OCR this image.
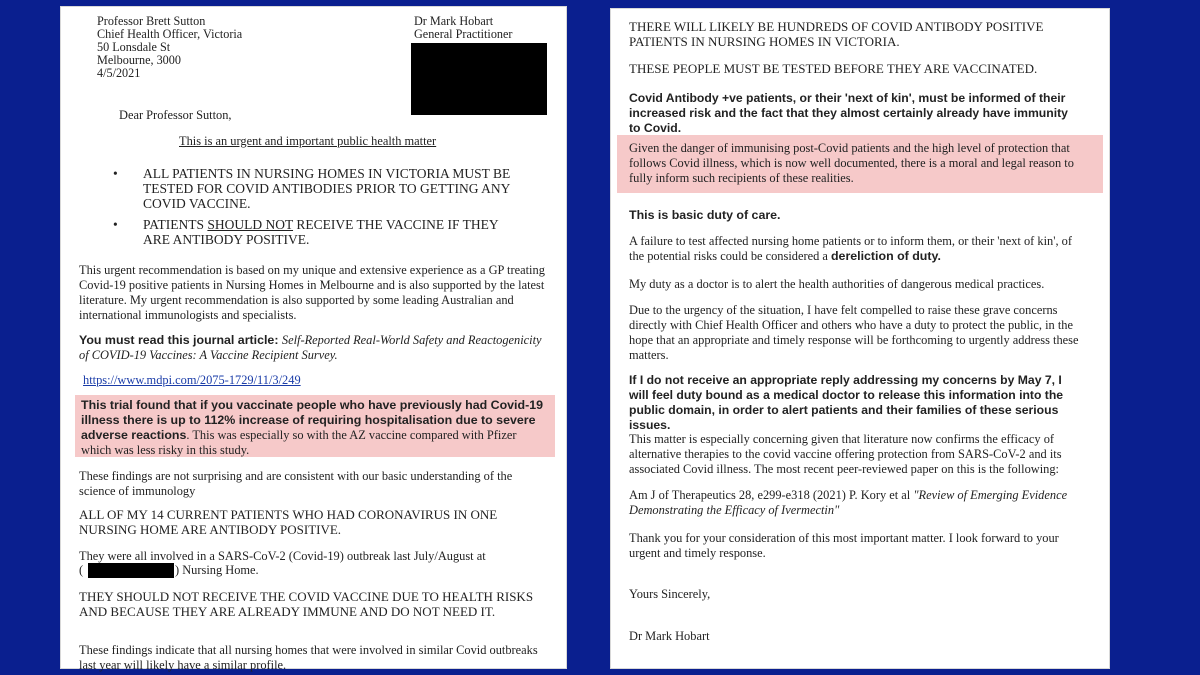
Professor Brett Sutton
Chief Health Officer, Victoria
50 Lonsdale St
Melbourne, 3000
4/5/2021
Dr Mark Hobart
General Practitioner

Dear Professor Sutton,

This is an urgent and important public health matter

•	ALL PATIENTS IN NURSING HOMES IN VICTORIA MUST BE TESTED FOR COVID ANTIBODIES PRIOR TO GETTING ANY COVID VACCINE.
•	PATIENTS SHOULD NOT RECEIVE THE VACCINE IF THEY ARE ANTIBODY POSITIVE.

This urgent recommendation is based on my unique and extensive experience as a GP treating Covid-19 positive patients in Nursing Homes in Melbourne and is also supported by the latest literature. My urgent recommendation is also supported by some leading Australian and international immunologists and specialists.

You must read this journal article: Self-Reported Real-World Safety and Reactogenicity of COVID-19 Vaccines: A Vaccine Recipient Survey.

https://www.mdpi.com/2075-1729/11/3/249

This trial found that if you vaccinate people who have previously had Covid-19 illness there is up to 112% increase of requiring hospitalisation due to severe adverse reactions. This was especially so with the AZ vaccine compared with Pfizer which was less risky in this study.

These findings are not surprising and are consistent with our basic understanding of the science of immunology

ALL OF MY 14 CURRENT PATIENTS WHO HAD CORONAVIRUS IN ONE NURSING HOME ARE ANTIBODY POSITIVE.

They were all involved in a SARS-CoV-2 (Covid-19) outbreak last July/August at

(	) Nursing Home.

THEY SHOULD NOT RECEIVE THE COVID VACCINE DUE TO HEALTH RISKS AND BECAUSE THEY ARE ALREADY IMMUNE AND DO NOT NEED IT.

These findings indicate that all nursing homes that were involved in similar Covid outbreaks last year will likely have a similar profile.

THERE WILL LIKELY BE HUNDREDS OF COVID ANTIBODY POSITIVE PATIENTS IN NURSING HOMES IN VICTORIA.

THESE PEOPLE MUST BE TESTED BEFORE THEY ARE VACCINATED.

Covid Antibody +ve patients, or their 'next of kin', must be informed of their increased risk and the fact that they almost certainly already have immunity to Covid.

Given the danger of immunising post-Covid patients and the high level of protection that follows Covid illness, which is now well documented, there is a moral and legal reason to fully inform such recipients of these realities.

This is basic duty of care.

A failure to test affected nursing home patients or to inform them, or their 'next of kin', of the potential risks could be considered a dereliction of duty.

My duty as a doctor is to alert the health authorities of dangerous medical practices.

Due to the urgency of the situation, I have felt compelled to raise these grave concerns directly with Chief Health Officer and others who have a duty to protect the public, in the hope that an appropriate and timely response will be forthcoming to urgently address these matters.

If I do not receive an appropriate reply addressing my concerns by May 7, I will feel duty bound as a medical doctor to release this information into the public domain, in order to alert patients and their families of these serious issues.

This matter is especially concerning given that literature now confirms the efficacy of alternative therapies to the covid vaccine offering protection from SARS-CoV-2 and its associated Covid illness. The most recent peer-reviewed paper on this is the following:

Am J of Therapeutics 28, e299-e318 (2021) P. Kory et al "Review of Emerging Evidence Demonstrating the Efficacy of Ivermectin"

Thank you for your consideration of this most important matter. I look forward to your urgent and timely response.

Yours Sincerely,

Dr Mark Hobart
